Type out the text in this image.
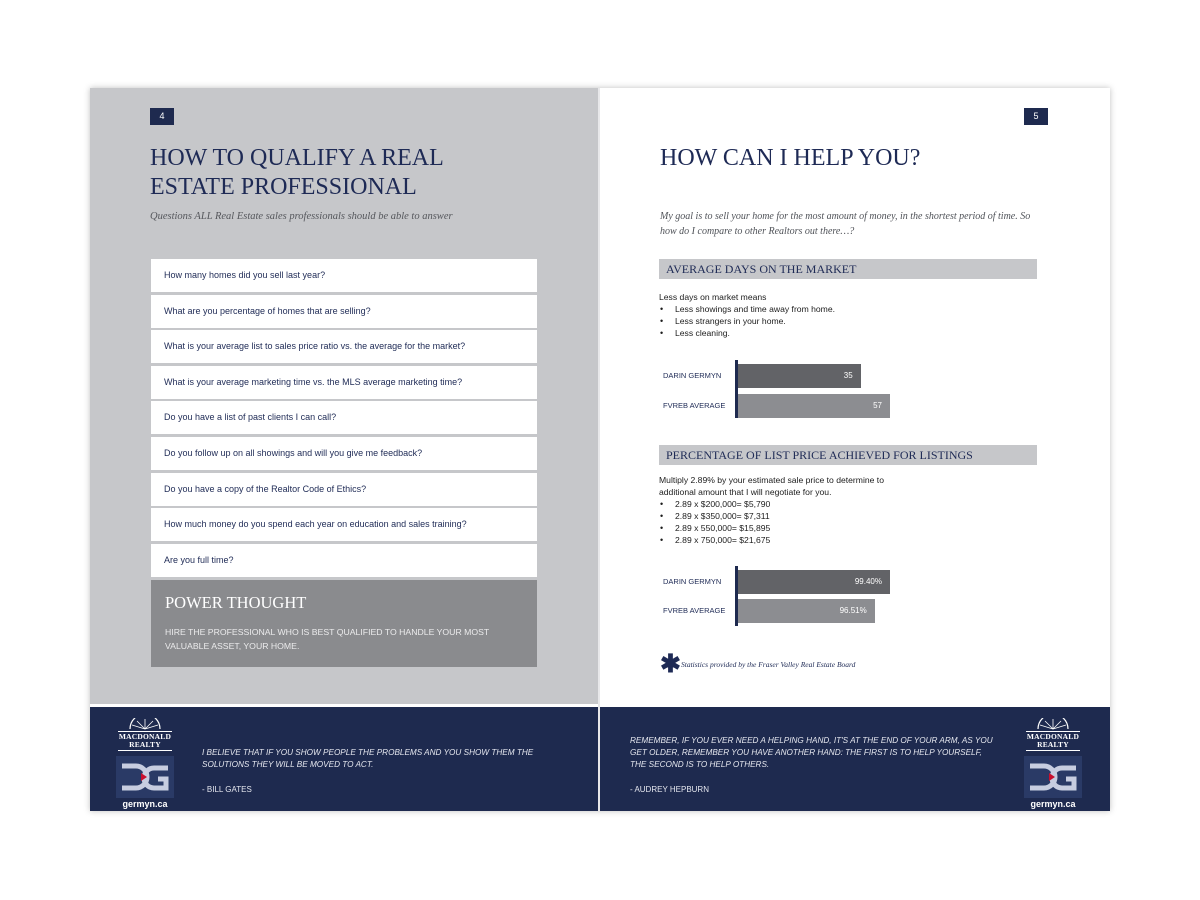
4
HOW TO QUALIFY A REAL ESTATE PROFESSIONAL

Questions ALL Real Estate sales professionals should be able to answer

How many homes did you sell last year?
What are you percentage of homes that are selling?
What is your average list to sales price ratio vs. the average for the market?
What is your average marketing time vs. the MLS average marketing time?
Do you have a list of past clients I can call?
Do you follow up on all showings and will you give me feedback?
Do you have a copy of the Realtor Code of Ethics?
How much money do you spend each year on education and sales training?
Are you full time?
POWER THOUGHT

HIRE THE PROFESSIONAL WHO IS BEST QUALIFIED TO HANDLE YOUR MOST VALUABLE ASSET, YOUR HOME.

MACDONALD
REALTY
germyn.ca
I BELIEVE THAT IF YOU SHOW PEOPLE THE PROBLEMS AND YOU SHOW THEM THE SOLUTIONS THEY WILL BE MOVED TO ACT.
- BILL GATES
5
HOW CAN I HELP YOU?

My goal is to sell your home for the most amount of money, in the shortest period of time. So how do I compare to other Realtors out there…?

AVERAGE DAYS ON THE MARKET
Less days on market means
• Less showings and time away from home.
• Less strangers in your home.
• Less cleaning.
DARIN GERMYN
FVREB AVERAGE
35
57
PERCENTAGE OF LIST PRICE ACHIEVED FOR LISTINGS
Multiply 2.89% by your estimated sale price to determine to additional amount that I will negotiate for you.
• 2.89 x $200,000= $5,790
• 2.89 x $350,000= $7,311
• 2.89 x 550,000= $15,895
• 2.89 x 750,000= $21,675
DARIN GERMYN
FVREB AVERAGE
99.40%
96.51%
✱ Statistics provided by the Fraser Valley Real Estate Board
REMEMBER, IF YOU EVER NEED A HELPING HAND, IT'S AT THE END OF YOUR ARM, AS YOU GET OLDER, REMEMBER YOU HAVE ANOTHER HAND: THE FIRST IS TO HELP YOURSELF, THE SECOND IS TO HELP OTHERS.
- AUDREY HEPBURN
MACDONALD
REALTY
germyn.ca
